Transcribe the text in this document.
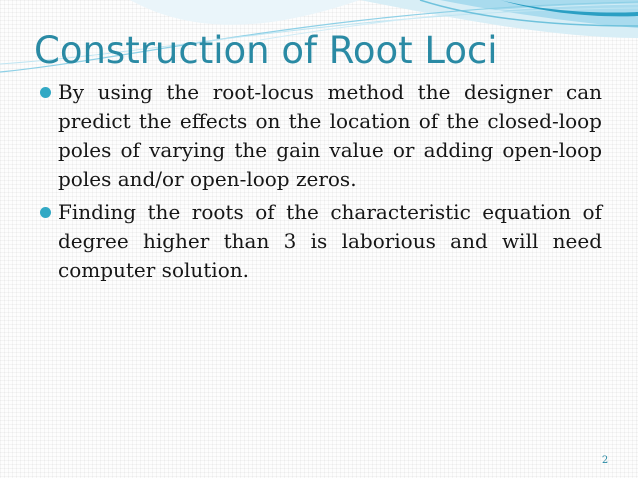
Construction of Root Loci
By using the root-locus method the designer can predict the effects on the location of the closed-loop poles of varying the gain value or adding open-loop poles and/or open-loop zeros.
Finding the roots of the characteristic equation of degree higher than 3 is laborious and will need computer solution.
2
